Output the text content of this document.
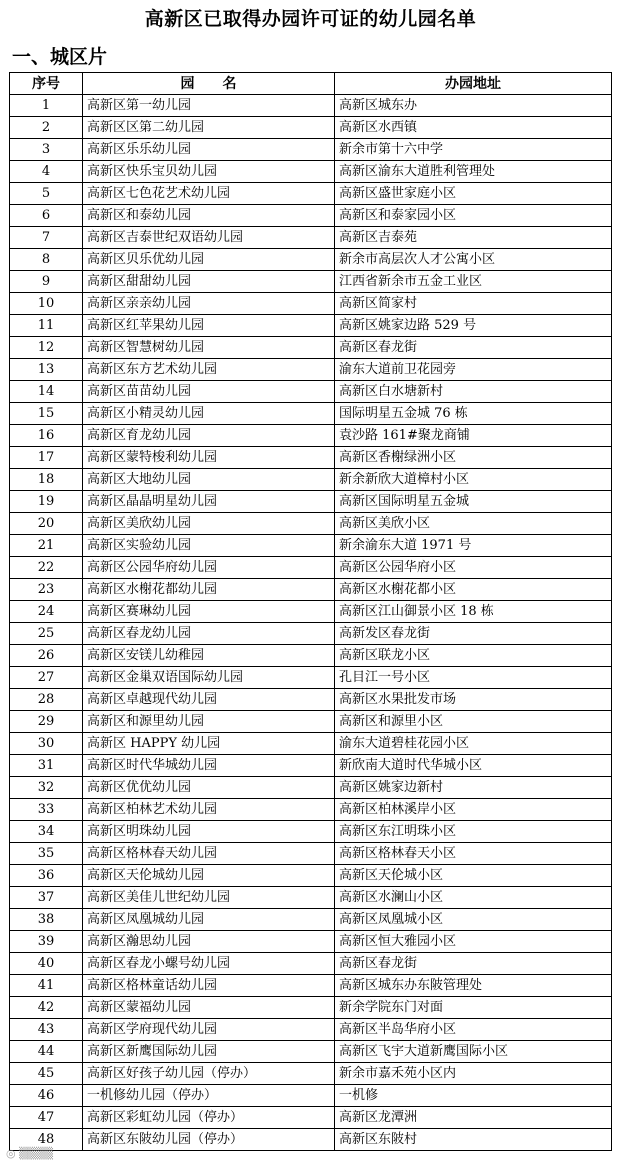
高新区已取得办园许可证的幼儿园名单
一、城区片
序号	园　　名	办园地址
1	高新区第一幼儿园	高新区城东办
2	高新区区第二幼儿园	高新区水西镇
3	高新区乐乐幼儿园	新余市第十六中学
4	高新区快乐宝贝幼儿园	高新区渝东大道胜利管理处
5	高新区七色花艺术幼儿园	高新区盛世家庭小区
6	高新区和泰幼儿园	高新区和泰家园小区
7	高新区吉泰世纪双语幼儿园	高新区吉泰苑
8	高新区贝乐优幼儿园	新余市高层次人才公寓小区
9	高新区甜甜幼儿园	江西省新余市五金工业区
10	高新区亲亲幼儿园	高新区简家村
11	高新区红苹果幼儿园	高新区姚家边路 529 号
12	高新区智慧树幼儿园	高新区春龙街
13	高新区东方艺术幼儿园	渝东大道前卫花园旁
14	高新区苗苗幼儿园	高新区白水塘新村
15	高新区小精灵幼儿园	国际明星五金城 76 栋
16	高新区育龙幼儿园	袁沙路 161#聚龙商铺
17	高新区蒙特梭利幼儿园	高新区香榭绿洲小区
18	高新区大地幼儿园	新余新欣大道樟村小区
19	高新区晶晶明星幼儿园	高新区国际明星五金城
20	高新区美欣幼儿园	高新区美欣小区
21	高新区实验幼儿园	新余渝东大道 1971 号
22	高新区公园华府幼儿园	高新区公园华府小区
23	高新区水榭花都幼儿园	高新区水榭花都小区
24	高新区赛琳幼儿园	高新区江山御景小区 18 栋
25	高新区春龙幼儿园	高新发区春龙街
26	高新区安镁儿幼稚园	高新区联龙小区
27	高新区金巢双语国际幼儿园	孔目江一号小区
28	高新区卓越现代幼儿园	高新区水果批发市场
29	高新区和源里幼儿园	高新区和源里小区
30	高新区 HAPPY 幼儿园	渝东大道碧桂花园小区
31	高新区时代华城幼儿园	新欣南大道时代华城小区
32	高新区优优幼儿园	高新区姚家边新村
33	高新区柏林艺术幼儿园	高新区柏林溪岸小区
34	高新区明珠幼儿园	高新区东江明珠小区
35	高新区格林春天幼儿园	高新区格林春天小区
36	高新区天伦城幼儿园	高新区天伦城小区
37	高新区美佳儿世纪幼儿园	高新区水澜山小区
38	高新区凤凰城幼儿园	高新区凤凰城小区
39	高新区瀚思幼儿园	高新区恒大雅园小区
40	高新区春龙小螺号幼儿园	高新区春龙街
41	高新区格林童话幼儿园	高新区城东办东陂管理处
42	高新区蒙福幼儿园	新余学院东门对面
43	高新区学府现代幼儿园	高新区半岛华府小区
44	高新区新鹰国际幼儿园	高新区飞宇大道新鹰国际小区
45	高新区好孩子幼儿园（停办）	新余市嘉禾苑小区内
46	一机修幼儿园（停办）	一机修
47	高新区彩虹幼儿园（停办）	高新区龙潭洲
48	高新区东陂幼儿园（停办）	高新区东陂村
◎ ▒▒▒▒
